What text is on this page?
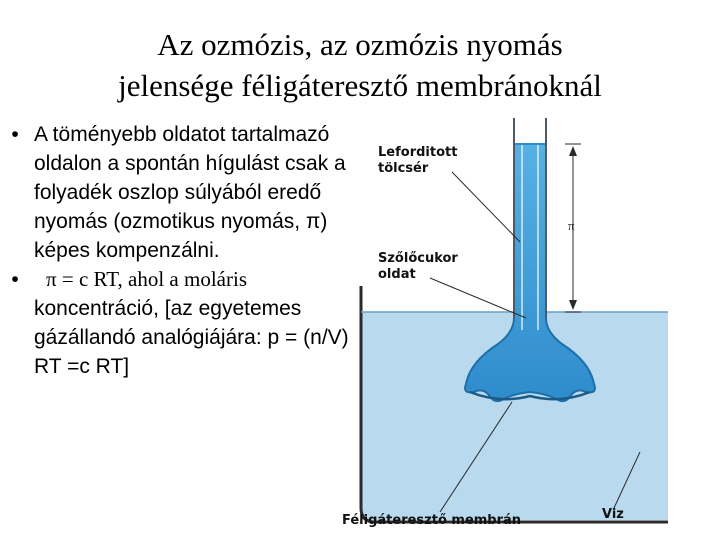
Az ozmózis, az ozmózis nyomás
jelensége féligáteresztő membránoknál
• A töményebb oldatot tartalmazó oldalon a spontán hígulást csak a folyadék oszlop súlyából eredő nyomás (ozmotikus nyomás, π) képes kompenzálni.
• π = c RT, ahol a moláris koncentráció, [az egyetemes gázállandó analógiájára: p = (n/V) RT =c RT]
π
Leforditott
tölcsér
Szőlőcukor
oldat
Féligáteresztő membrán	Viz
